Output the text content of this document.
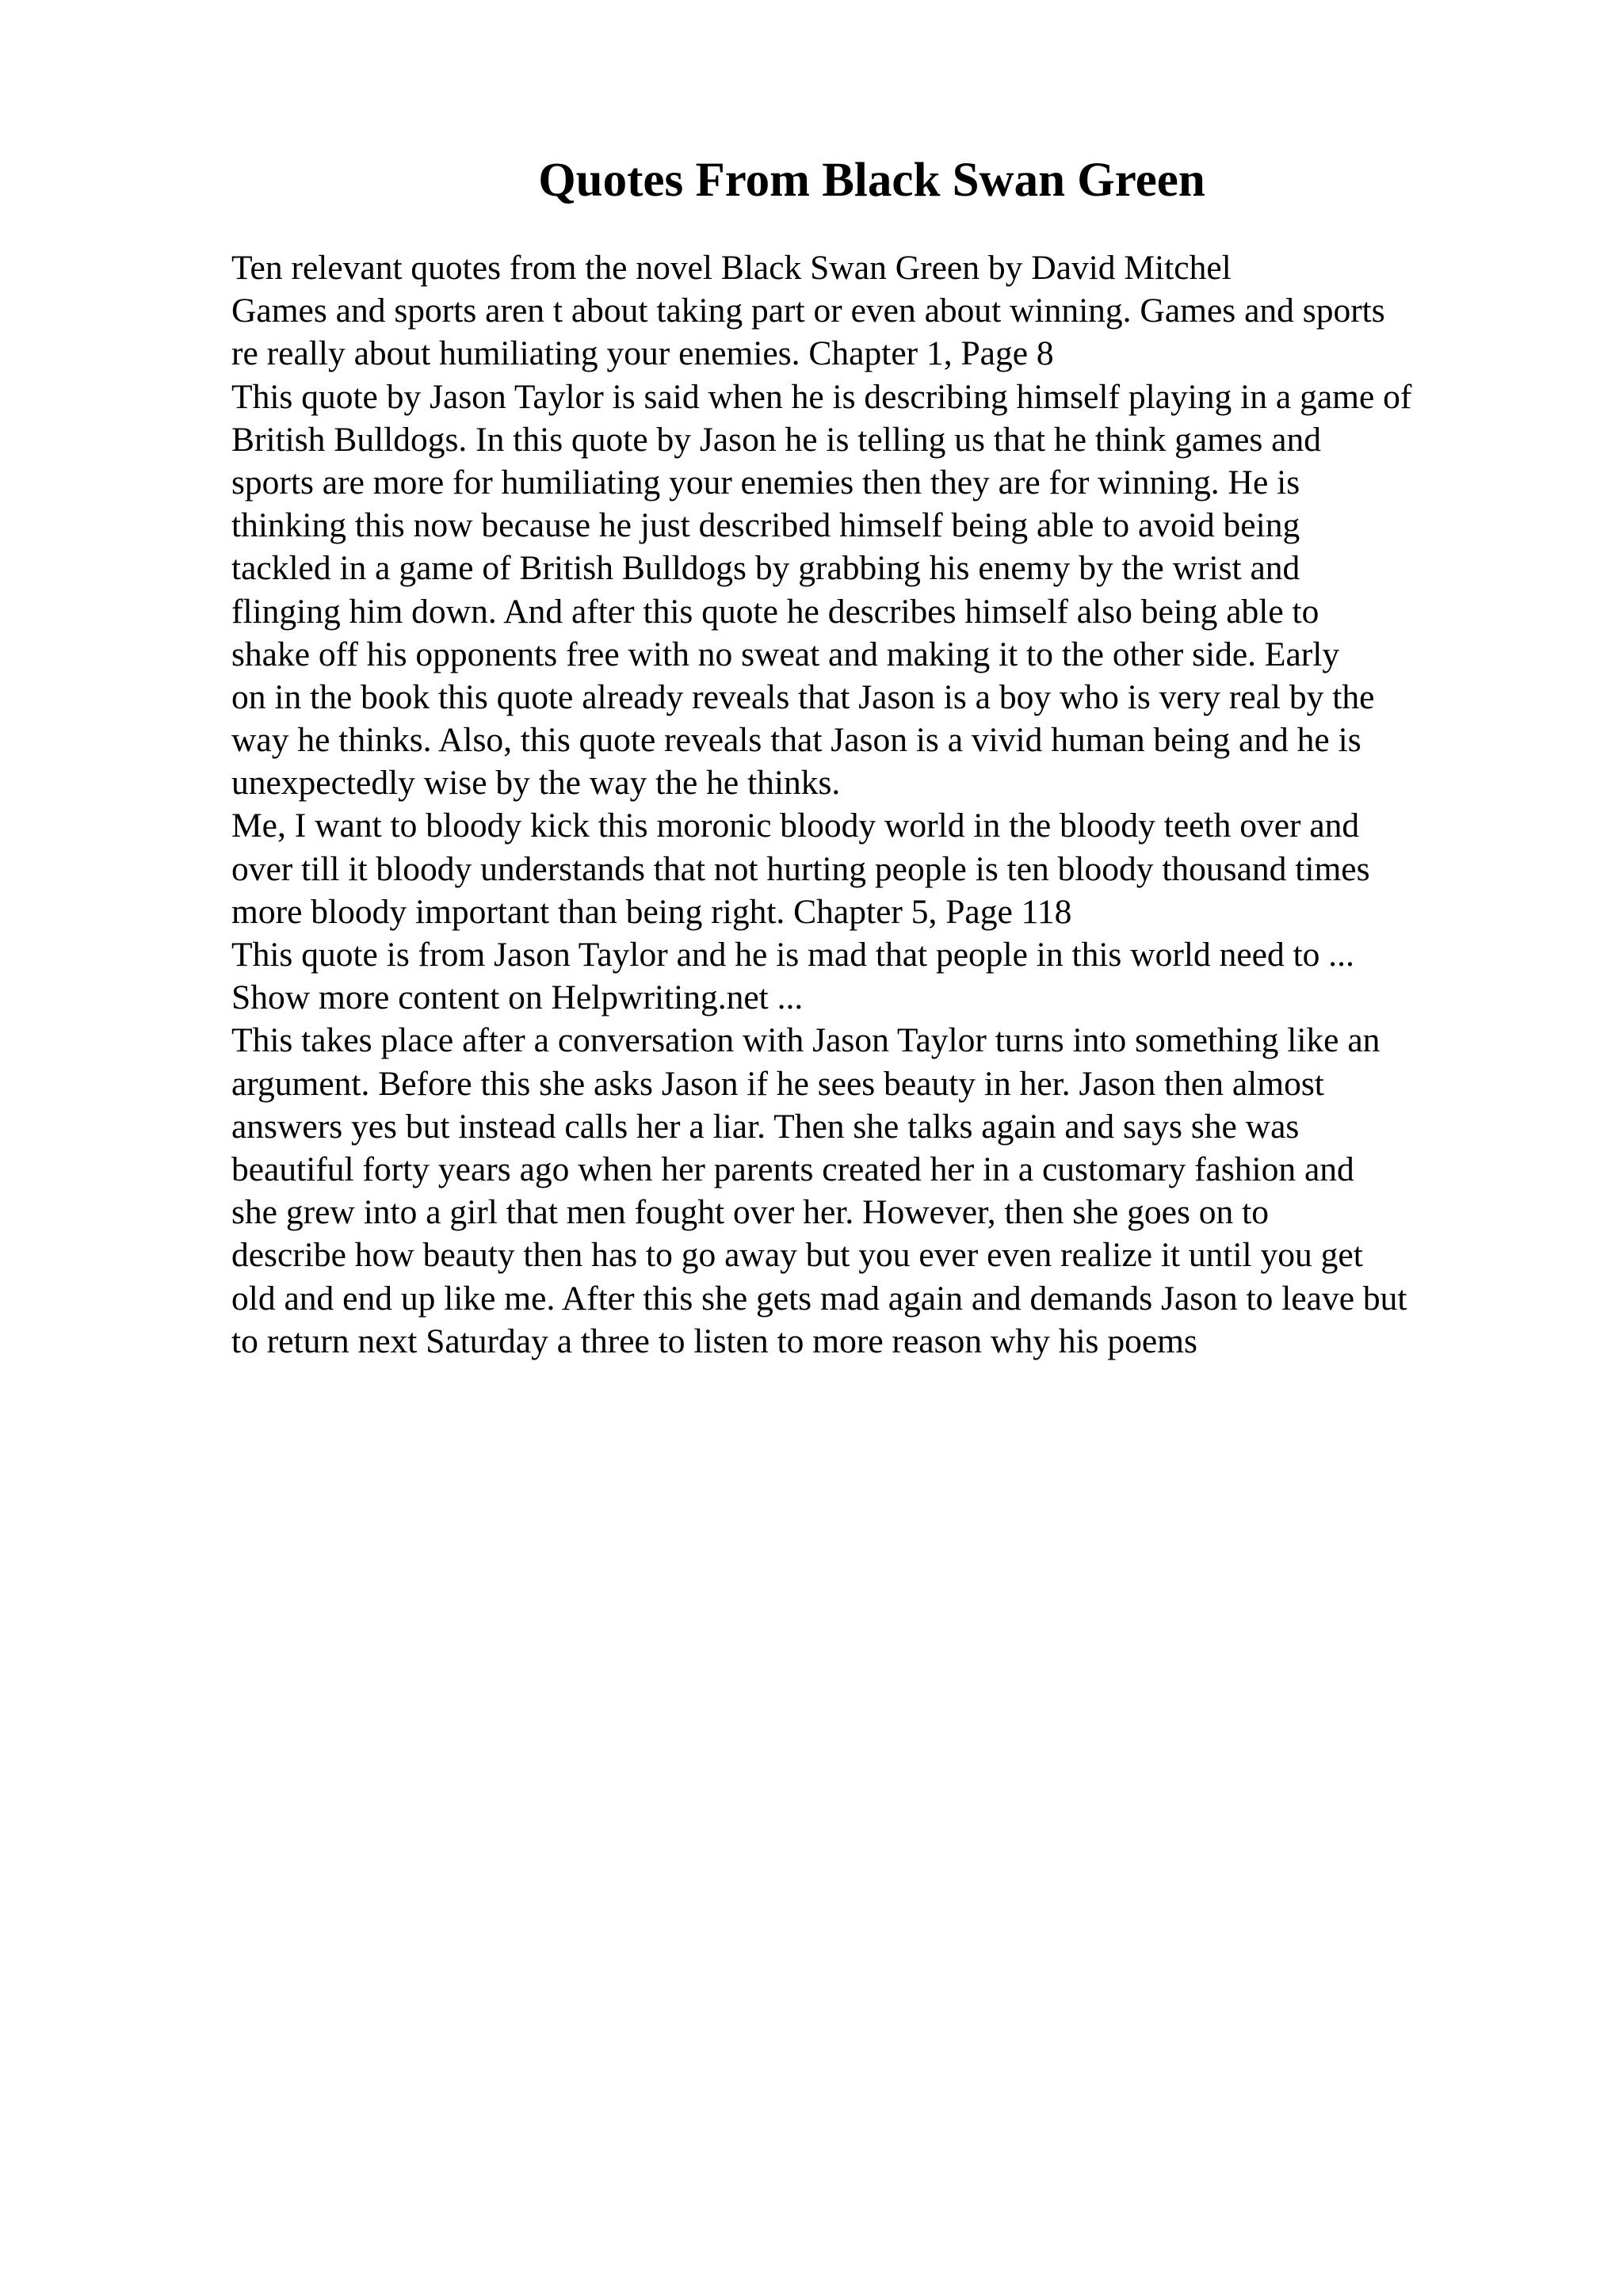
Quotes From Black Swan Green
Ten relevant quotes from the novel Black Swan Green by David Mitchel
Games and sports aren t about taking part or even about winning. Games and sports
re really about humiliating your enemies. Chapter 1, Page 8
This quote by Jason Taylor is said when he is describing himself playing in a game of
British Bulldogs. In this quote by Jason he is telling us that he think games and
sports are more for humiliating your enemies then they are for winning. He is
thinking this now because he just described himself being able to avoid being
tackled in a game of British Bulldogs by grabbing his enemy by the wrist and
flinging him down. And after this quote he describes himself also being able to
shake off his opponents free with no sweat and making it to the other side. Early
on in the book this quote already reveals that Jason is a boy who is very real by the
way he thinks. Also, this quote reveals that Jason is a vivid human being and he is
unexpectedly wise by the way the he thinks.
Me, I want to bloody kick this moronic bloody world in the bloody teeth over and
over till it bloody understands that not hurting people is ten bloody thousand times
more bloody important than being right. Chapter 5, Page 118
This quote is from Jason Taylor and he is mad that people in this world need to ...
Show more content on Helpwriting.net ...
This takes place after a conversation with Jason Taylor turns into something like an
argument. Before this she asks Jason if he sees beauty in her. Jason then almost
answers yes but instead calls her a liar. Then she talks again and says she was
beautiful forty years ago when her parents created her in a customary fashion and
she grew into a girl that men fought over her. However, then she goes on to
describe how beauty then has to go away but you ever even realize it until you get
old and end up like me. After this she gets mad again and demands Jason to leave but
to return next Saturday a three to listen to more reason why his poems
